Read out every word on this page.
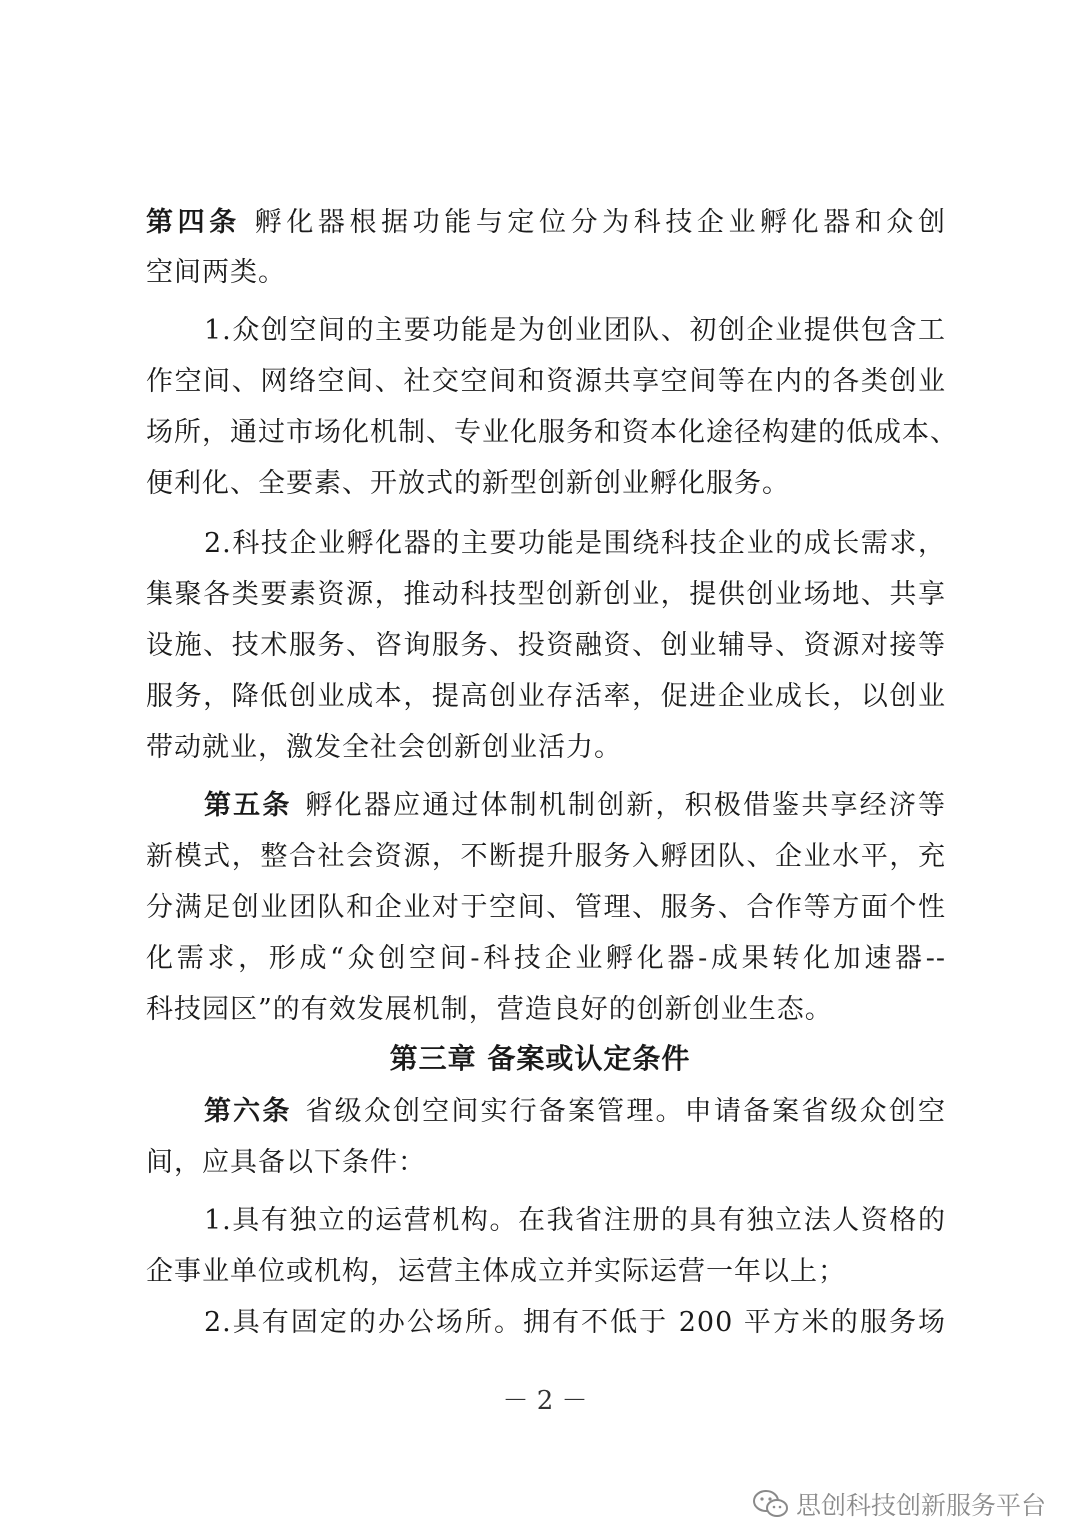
第四条 孵化器根据功能与定位分为科技企业孵化器和众创
空间两类。
1.众创空间的主要功能是为创业团队、初创企业提供包含工
作空间、网络空间、社交空间和资源共享空间等在内的各类创业
场所，通过市场化机制、专业化服务和资本化途径构建的低成本、
便利化、全要素、开放式的新型创新创业孵化服务。
2.科技企业孵化器的主要功能是围绕科技企业的成长需求，
集聚各类要素资源，推动科技型创新创业，提供创业场地、共享
设施、技术服务、咨询服务、投资融资、创业辅导、资源对接等
服务，降低创业成本，提高创业存活率，促进企业成长，以创业
带动就业，激发全社会创新创业活力。
第五条 孵化器应通过体制机制创新，积极借鉴共享经济等
新模式，整合社会资源，不断提升服务入孵团队、企业水平，充
分满足创业团队和企业对于空间、管理、服务、合作等方面个性
化需求，形成“众创空间-科技企业孵化器-成果转化加速器--
科技园区”的有效发展机制，营造良好的创新创业生态。
第三章 备案或认定条件
第六条 省级众创空间实行备案管理。申请备案省级众创空
间，应具备以下条件：
1.具有独立的运营机构。在我省注册的具有独立法人资格的
企事业单位或机构，运营主体成立并实际运营一年以上；
2.具有固定的办公场所。拥有不低于 200 平方米的服务场
－ 2 －
思创科技创新服务平台
